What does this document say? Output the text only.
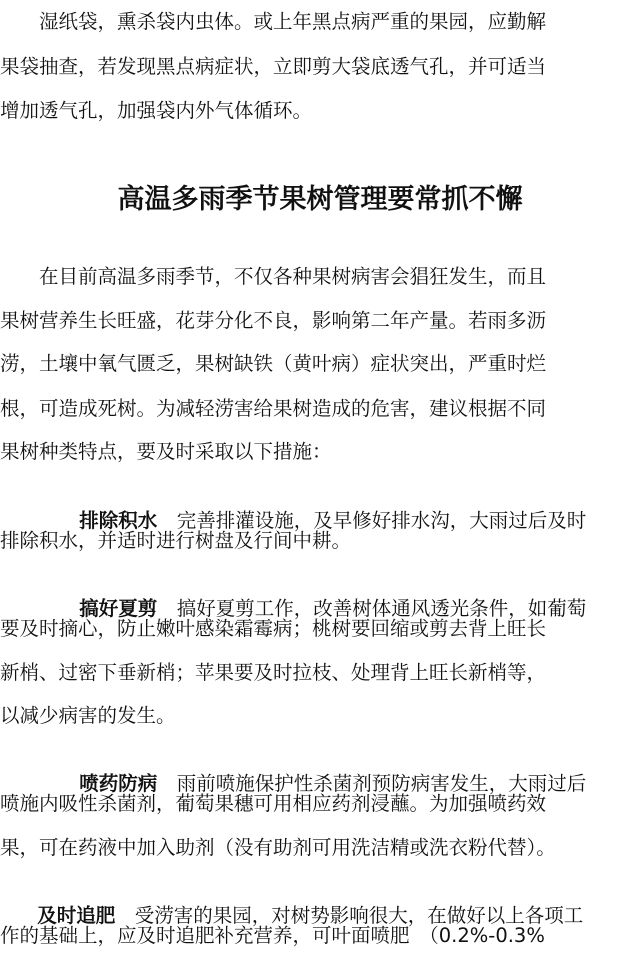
　　湿纸袋，熏杀袋内虫体。或上年黑点病严重的果园，应勤解
果袋抽查，若发现黑点病症状，立即剪大袋底透气孔，并可适当
增加透气孔，加强袋内外气体循环。
高温多雨季节果树管理要常抓不懈
　　在目前高温多雨季节，不仅各种果树病害会猖狂发生，而且
果树营养生长旺盛，花芽分化不良，影响第二年产量。若雨多沥
涝，土壤中氧气匮乏，果树缺铁（黄叶病）症状突出，严重时烂
根，可造成死树。为减轻涝害给果树造成的危害，建议根据不同
果树种类特点，要及时采取以下措施：

排除积水　完善排灌设施，及早修好排水沟，大雨过后及时

排除积水，并适时进行树盘及行间中耕。

搞好夏剪　搞好夏剪工作，改善树体通风透光条件，如葡萄

要及时摘心，防止嫩叶感染霜霉病；桃树要回缩或剪去背上旺长
新梢、过密下垂新梢；苹果要及时拉枝、处理背上旺长新梢等，
以减少病害的发生。

喷药防病　雨前喷施保护性杀菌剂预防病害发生，大雨过后

喷施内吸性杀菌剂，葡萄果穗可用相应药剂浸蘸。为加强喷药效
果，可在药液中加入助剂（没有助剂可用洗洁精或洗衣粉代替）。

及时追肥　受涝害的果园，对树势影响很大，在做好以上各项工

作的基础上，应及时追肥补充营养，可叶面喷肥　（0.2%-0.3%
